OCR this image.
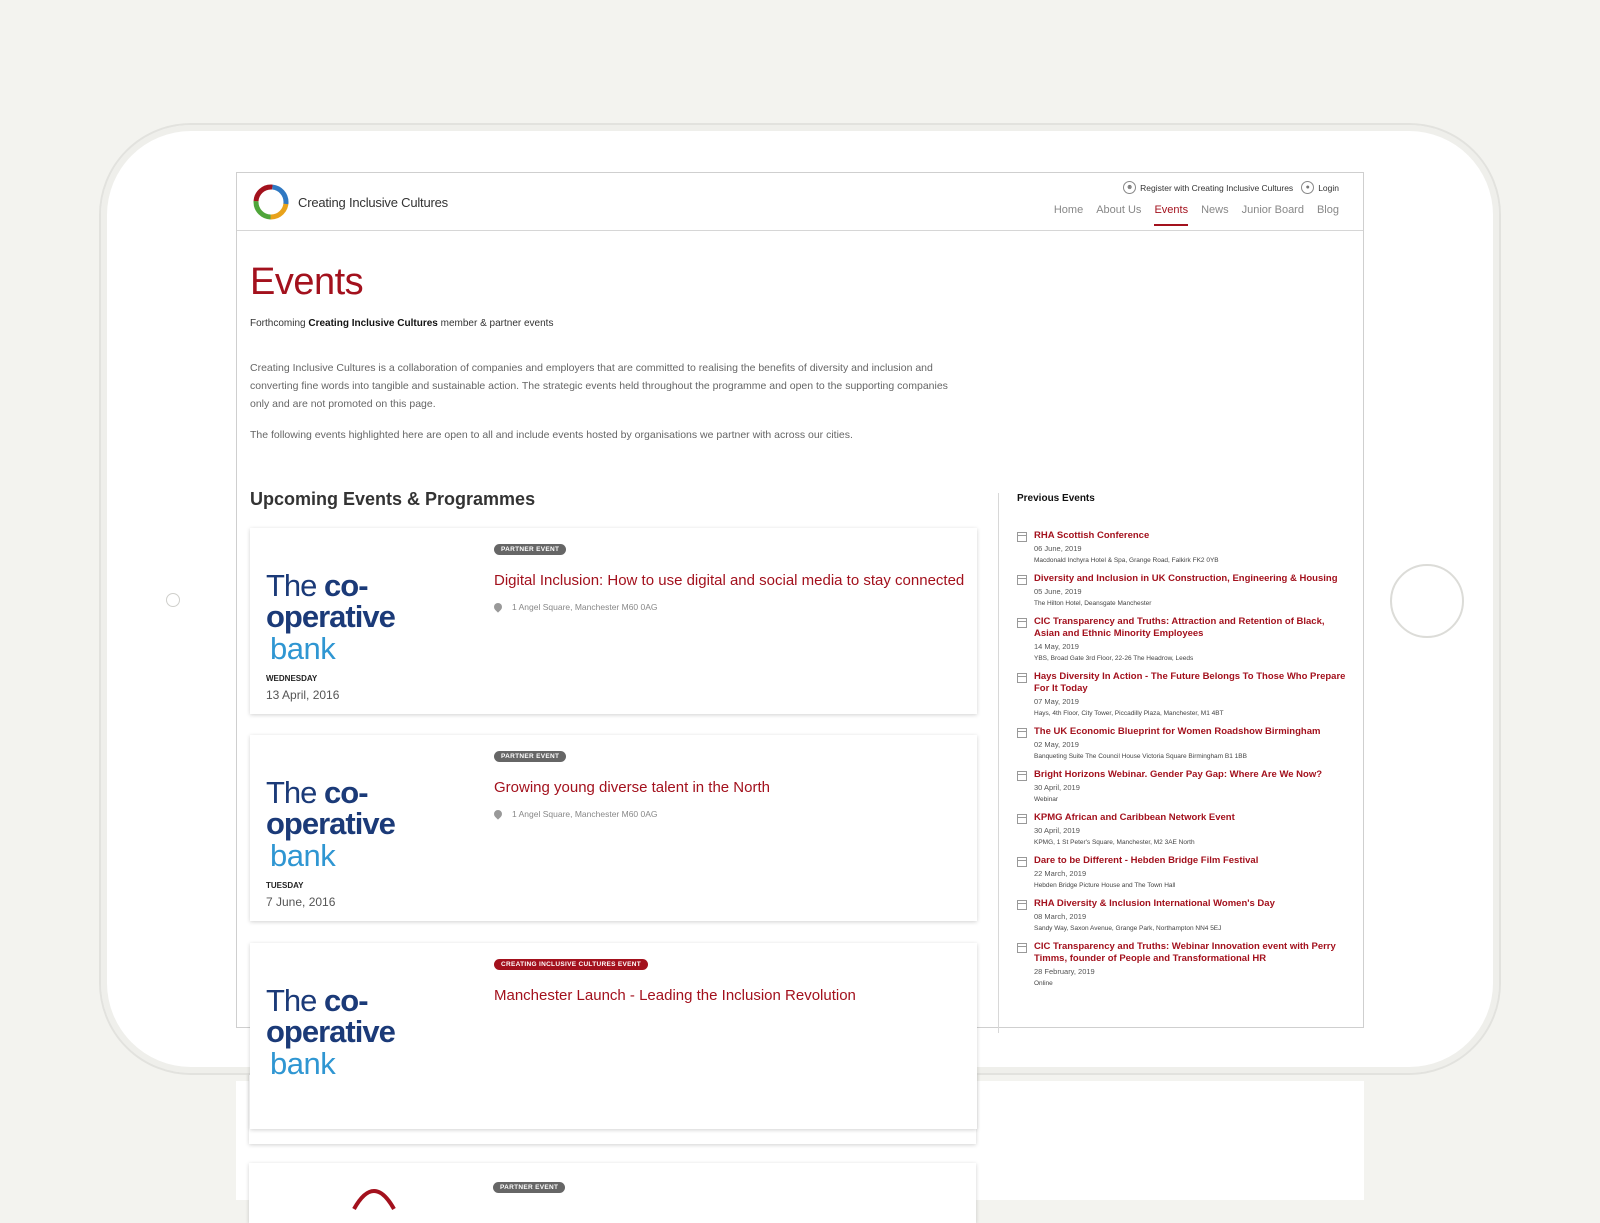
PARTNER EVENT
Creating Inclusive Cultures
☻ Register with Creating Inclusive Cultures	● Login
Home About Us Events News Junior Board Blog
Events
Forthcoming Creating Inclusive Cultures member & partner events

Creating Inclusive Cultures is a collaboration of companies and employers that are committed to realising the benefits of diversity and inclusion and converting fine words into tangible and sustainable action. The strategic events held throughout the programme and open to the supporting companies only and are not promoted on this page.

The following events highlighted here are open to all and include events hosted by organisations we partner with across our cities.

Upcoming Events & Programmes
The co-operative
bank
PARTNER EVENT
Digital Inclusion: How to use digital and social media to stay connected
1 Angel Square, Manchester M60 0AG
WEDNESDAY
13 April, 2016
The co-operative
bank
PARTNER EVENT
Growing young diverse talent in the North
1 Angel Square, Manchester M60 0AG
TUESDAY
7 June, 2016
The co-operative
bank
CREATING INCLUSIVE CULTURES EVENT
Manchester Launch - Leading the Inclusion Revolution
Previous Events
RHA Scottish Conference
06 June, 2019
Macdonald Inchyra Hotel & Spa, Grange Road, Falkirk FK2 0YB
Diversity and Inclusion in UK Construction, Engineering & Housing
05 June, 2019
The Hilton Hotel, Deansgate Manchester
CIC Transparency and Truths: Attraction and Retention of Black, Asian and Ethnic Minority Employees
14 May, 2019
YBS, Broad Gate 3rd Floor, 22-26 The Headrow, Leeds
Hays Diversity In Action - The Future Belongs To Those Who Prepare For It Today
07 May, 2019
Hays, 4th Floor, City Tower, Piccadilly Plaza, Manchester, M1 4BT
The UK Economic Blueprint for Women Roadshow Birmingham
02 May, 2019
Banqueting Suite The Council House Victoria Square Birmingham B1 1BB
Bright Horizons Webinar. Gender Pay Gap: Where Are We Now?
30 April, 2019
Webinar
KPMG African and Caribbean Network Event
30 April, 2019
KPMG, 1 St Peter's Square, Manchester, M2 3AE North
Dare to be Different - Hebden Bridge Film Festival
22 March, 2019
Hebden Bridge Picture House and The Town Hall
RHA Diversity & Inclusion International Women's Day
08 March, 2019
Sandy Way, Saxon Avenue, Grange Park, Northampton NN4 5EJ
CIC Transparency and Truths: Webinar Innovation event with Perry Timms, founder of People and Transformational HR
28 February, 2019
Online
